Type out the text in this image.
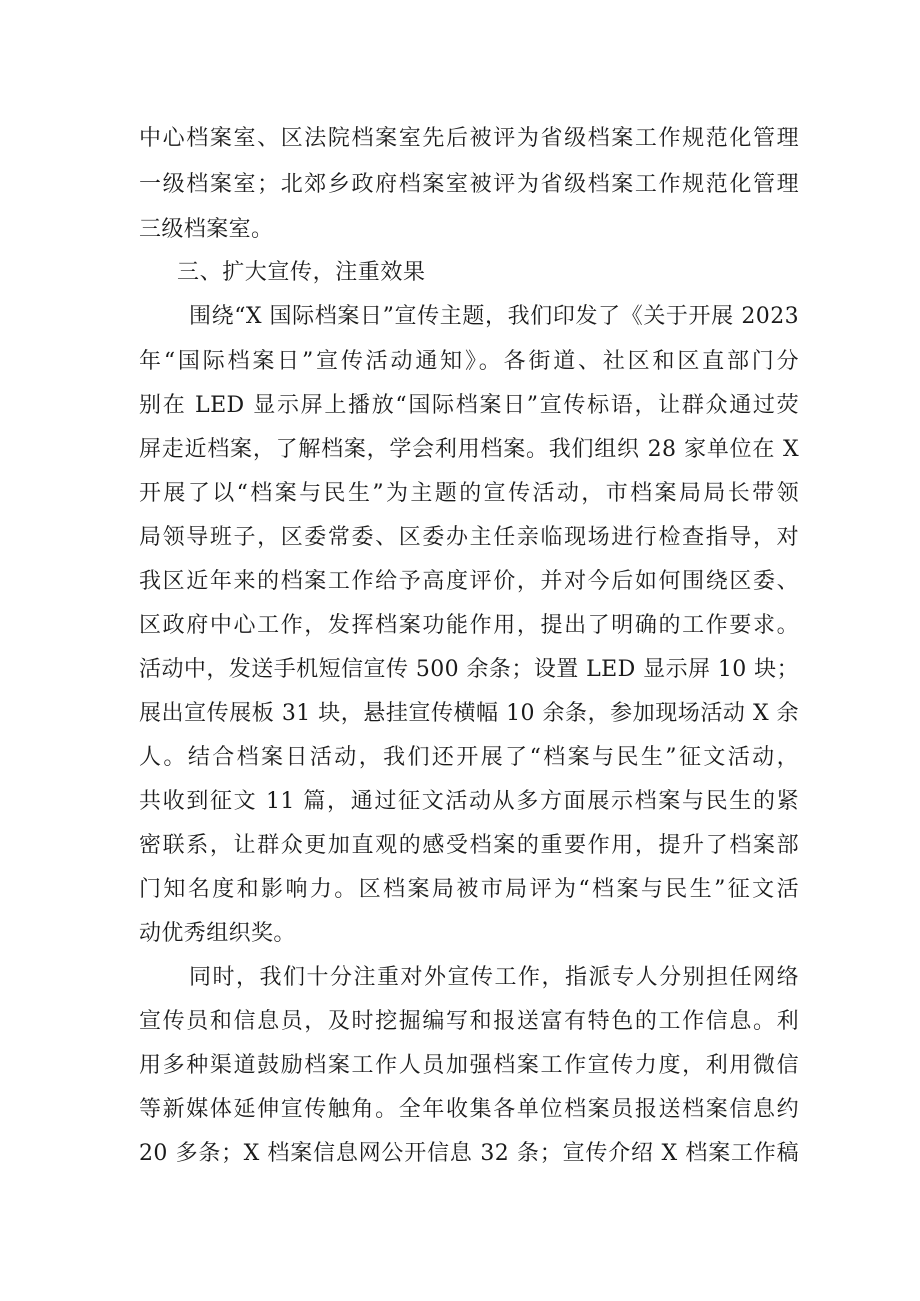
中心档案室、区法院档案室先后被评为省级档案工作规范化管理

一级档案室；北郊乡政府档案室被评为省级档案工作规范化管理

三级档案室。

三、扩大宣传，注重效果

围绕“X 国际档案日”宣传主题，我们印发了《关于开展 2023

年“国际档案日”宣传活动通知》。各街道、社区和区直部门分

别在 LED 显示屏上播放“国际档案日”宣传标语，让群众通过荧

屏走近档案，了解档案，学会利用档案。我们组织 28 家单位在 X

开展了以“档案与民生”为主题的宣传活动，市档案局局长带领

局领导班子，区委常委、区委办主任亲临现场进行检查指导，对

我区近年来的档案工作给予高度评价，并对今后如何围绕区委、

区政府中心工作，发挥档案功能作用，提出了明确的工作要求。

活动中，发送手机短信宣传 500 余条；设置 LED 显示屏 10 块；

展出宣传展板 31 块，悬挂宣传横幅 10 余条，参加现场活动 X 余

人。结合档案日活动，我们还开展了“档案与民生”征文活动，

共收到征文 11 篇，通过征文活动从多方面展示档案与民生的紧

密联系，让群众更加直观的感受档案的重要作用，提升了档案部

门知名度和影响力。区档案局被市局评为“档案与民生”征文活

动优秀组织奖。

同时，我们十分注重对外宣传工作，指派专人分别担任网络

宣传员和信息员，及时挖掘编写和报送富有特色的工作信息。利

用多种渠道鼓励档案工作人员加强档案工作宣传力度，利用微信

等新媒体延伸宣传触角。全年收集各单位档案员报送档案信息约

20 多条；X 档案信息网公开信息 32 条；宣传介绍 X 档案工作稿
